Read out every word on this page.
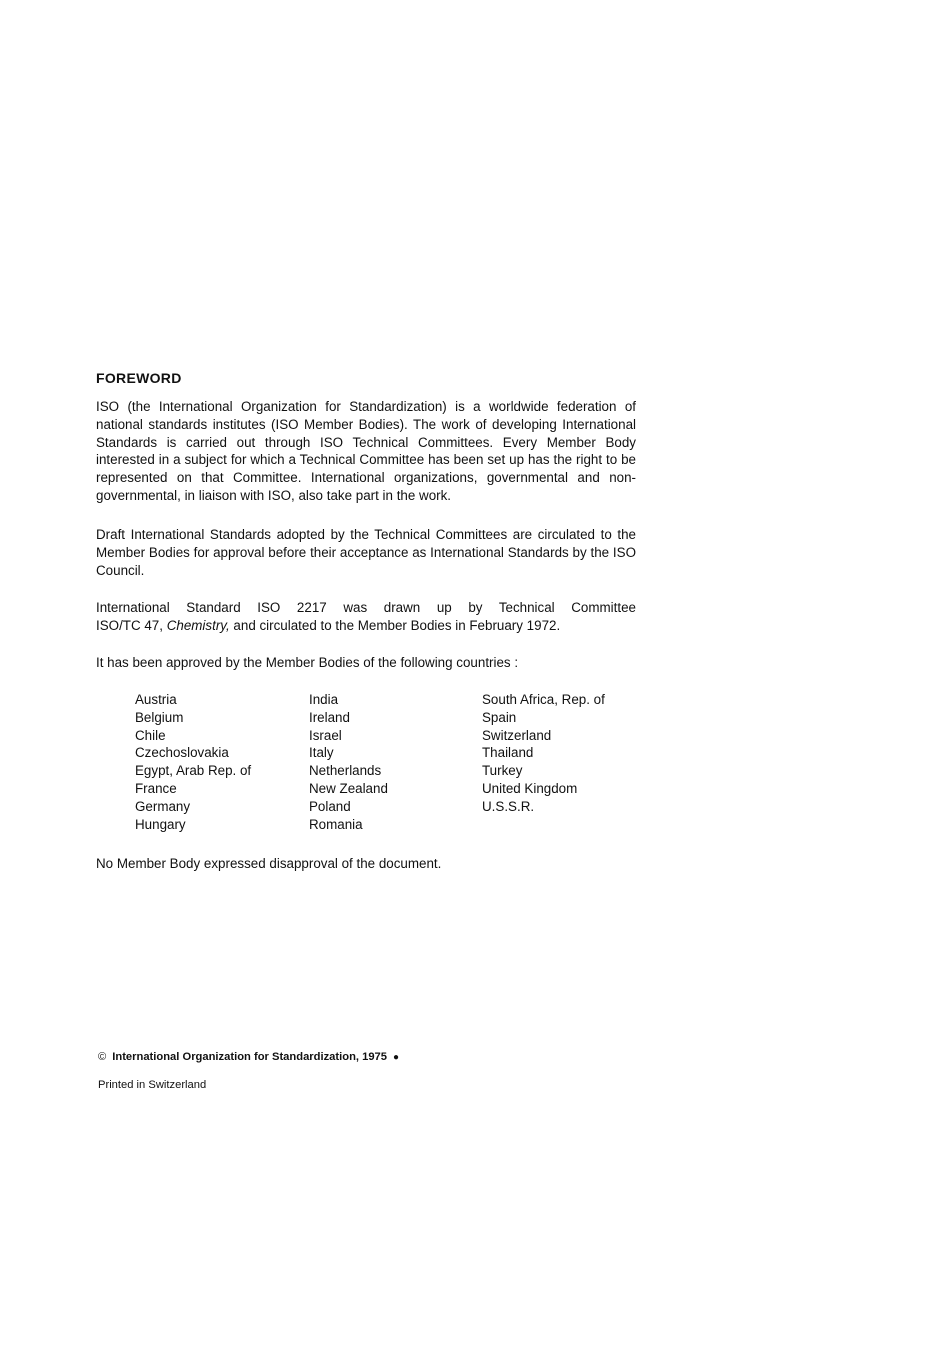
FOREWORD

ISO (the International Organization for Standardization) is a worldwide federation of national standards institutes (ISO Member Bodies). The work of developing International Standards is carried out through ISO Technical Committees. Every Member Body interested in a subject for which a Technical Committee has been set up has the right to be represented on that Committee. International organizations, governmental and non-governmental, in liaison with ISO, also take part in the work.

Draft International Standards adopted by the Technical Committees are circulated to the Member Bodies for approval before their acceptance as International Standards by the ISO Council.

International Standard ISO 2217 was drawn up by Technical Committee
ISO/TC 47, Chemistry, and circulated to the Member Bodies in February 1972.

It has been approved by the Member Bodies of the following countries :

Austria
Belgium
Chile
Czechoslovakia
Egypt, Arab Rep. of
France
Germany
Hungary
India
Ireland
Israel
Italy
Netherlands
New Zealand
Poland
Romania
South Africa, Rep. of
Spain
Switzerland
Thailand
Turkey
United Kingdom
U.S.S.R.

No Member Body expressed disapproval of the document.

© International Organization for Standardization, 1975 ●

Printed in Switzerland
